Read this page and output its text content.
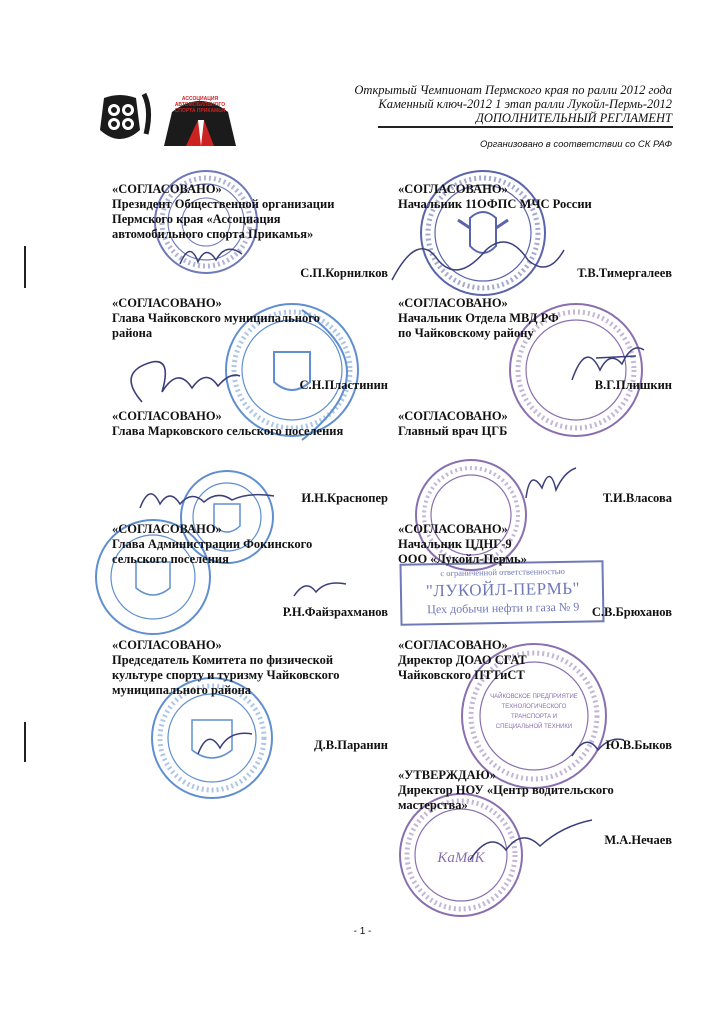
АССОЦИАЦИЯ
АВТОМОБИЛЬНОГО
СПОРТА ПРИКАМЬЯ
Открытый Чемпионат Пермского края по ралли 2012 года
Каменный ключ-2012 1 этап ралли Лукойл-Пермь-2012
ДОПОЛНИТЕЛЬНЫЙ РЕГЛАМЕНТ
Организовано в соответствии со СК РАФ
ЧАЙКОВСКОЕ ПРЕДПРИЯТИЕ
ТЕХНОЛОГИЧЕСКОГО
ТРАНСПОРТА И
СПЕЦИАЛЬНОЙ ТЕХНИКИ
КаМаК
с ограниченной ответственностью
"ЛУКОЙЛ-ПЕРМЬ"
Цех добычи нефти и газа № 9
«СОГЛАСОВАНО»
Президент Общественной организации
Пермского края «Ассоциация
автомобильного спорта Прикамья»
С.П.Корнилков
«СОГЛАСОВАНО»
Глава Чайковского муниципального
района
С.Н.Пластинин
«СОГЛАСОВАНО»
Глава Марковского сельского поселения
И.Н.Краснопер
«СОГЛАСОВАНО»
Глава Администрации Фокинского
сельского поселения
Р.Н.Файзрахманов
«СОГЛАСОВАНО»
Председатель Комитета по физической
культуре спорту и туризму Чайковского
муниципального района
Д.В.Паранин
«СОГЛАСОВАНО»
Начальник 11ОФПС МЧС России
Т.В.Тимергалеев
«СОГЛАСОВАНО»
Начальник Отдела МВД РФ
по Чайковскому району
В.Г.Плишкин
«СОГЛАСОВАНО»
Главный врач ЦГБ
Т.И.Власова
«СОГЛАСОВАНО»
Начальник ЦДНГ-9
ООО «Лукойл-Пермь»
С.В.Брюханов
«СОГЛАСОВАНО»
Директор ДОАО СГАТ
Чайковского ПТТиСТ
Ю.В.Быков
«УТВЕРЖДАЮ»
Директор НОУ «Центр водительского
мастерства»
М.А.Нечаев
- 1 -
